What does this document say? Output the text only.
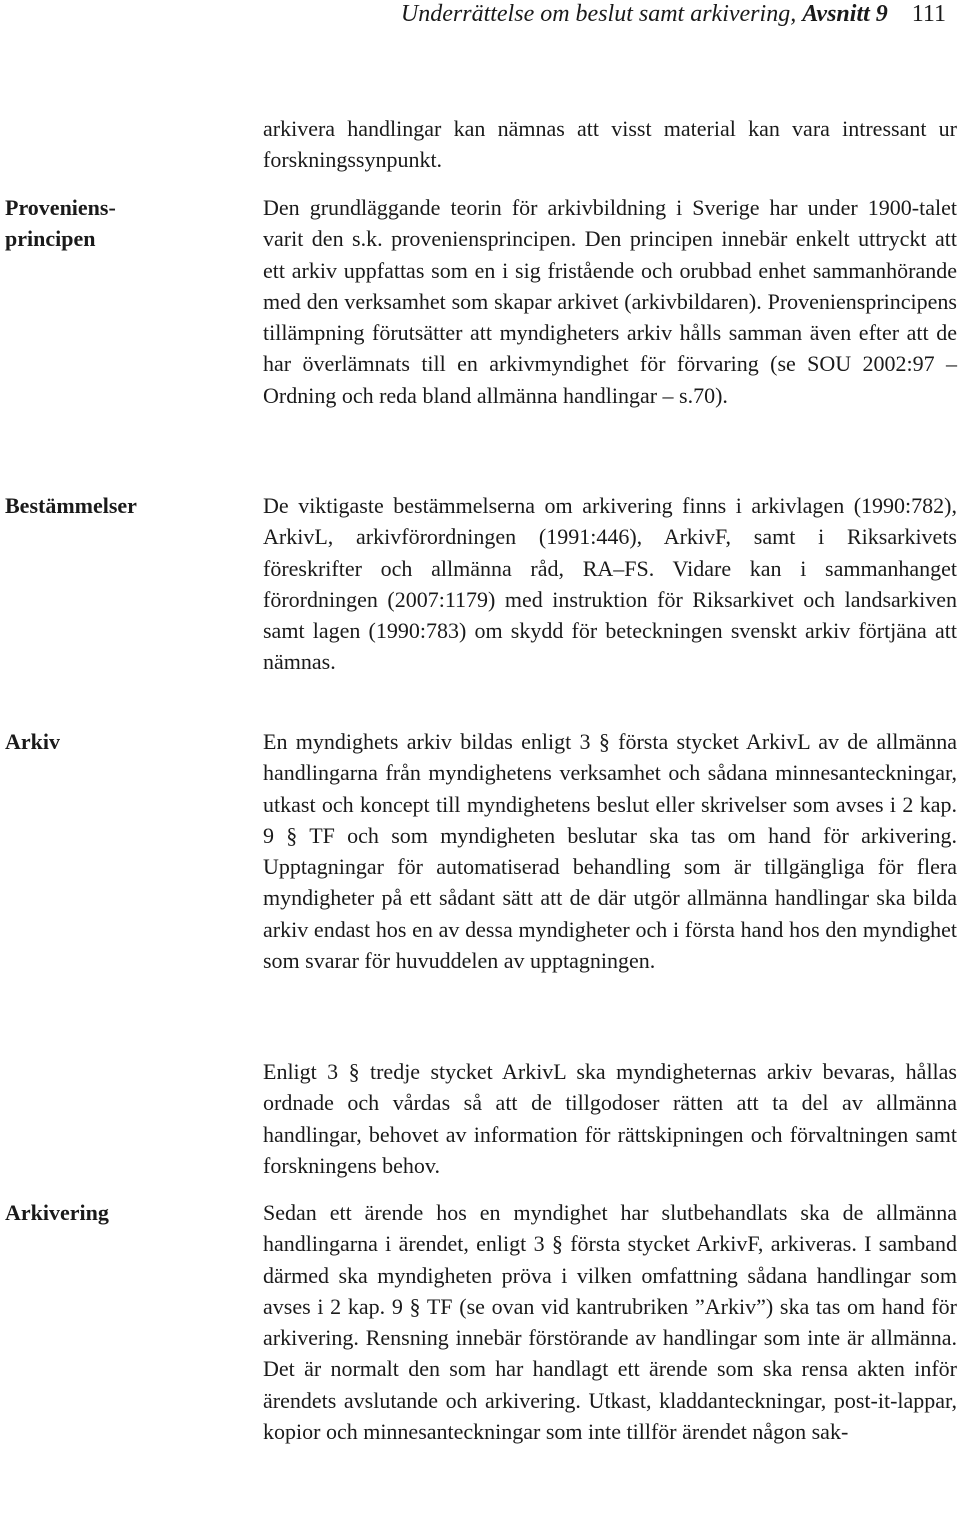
Underrättelse om beslut samt arkivering, Avsnitt 9 111
Proveniens-
principen
Bestämmelser
Arkiv
Arkivering

arkivera handlingar kan nämnas att visst material kan vara intressant ur forskningssynpunkt.

Den grundläggande teorin för arkivbildning i Sverige har under 1900-talet varit den s.k. proveniensprincipen. Den principen innebär enkelt uttryckt att ett arkiv uppfattas som en i sig fristående och orubbad enhet sammanhörande med den verksamhet som skapar arkivet (arkivbildaren). Proveniensprincipens tillämpning förutsätter att myndigheters arkiv hålls samman även efter att de har överlämnats till en arkivmyndighet för förvaring (se SOU 2002:97 – Ordning och reda bland allmänna handlingar – s.70).

De viktigaste bestämmelserna om arkivering finns i arkivlagen (1990:782), ArkivL, arkivförordningen (1991:446), ArkivF, samt i Riksarkivets föreskrifter och allmänna råd, RA–FS. Vidare kan i sammanhanget förordningen (2007:1179) med instruktion för Riksarkivet och landsarkiven samt lagen (1990:783) om skydd för beteckningen svenskt arkiv förtjäna att nämnas.

En myndighets arkiv bildas enligt 3 § första stycket ArkivL av de allmänna handlingarna från myndighetens verksamhet och sådana minnesanteckningar, utkast och koncept till myndighetens beslut eller skrivelser som avses i 2 kap. 9 § TF och som myndigheten beslutar ska tas om hand för arkivering. Upptagningar för automatiserad behandling som är tillgängliga för flera myndigheter på ett sådant sätt att de där utgör allmänna handlingar ska bilda arkiv endast hos en av dessa myndigheter och i första hand hos den myndighet som svarar för huvuddelen av upptagningen.

Enligt 3 § tredje stycket ArkivL ska myndigheternas arkiv bevaras, hållas ordnade och vårdas så att de tillgodoser rätten att ta del av allmänna handlingar, behovet av information för rättskipningen och förvaltningen samt forskningens behov.

Sedan ett ärende hos en myndighet har slutbehandlats ska de allmänna handlingarna i ärendet, enligt 3 § första stycket ArkivF, arkiveras. I samband därmed ska myndigheten pröva i vilken omfattning sådana handlingar som avses i 2 kap. 9 § TF (se ovan vid kantrubriken ”Arkiv”) ska tas om hand för arkivering. Rensning innebär förstörande av handlingar som inte är allmänna. Det är normalt den som har handlagt ett ärende som ska rensa akten inför ärendets avslutande och arkivering. Utkast, kladdanteckningar, post-it-lappar, kopior och minnesanteckningar som inte tillför ärendet någon sak-
